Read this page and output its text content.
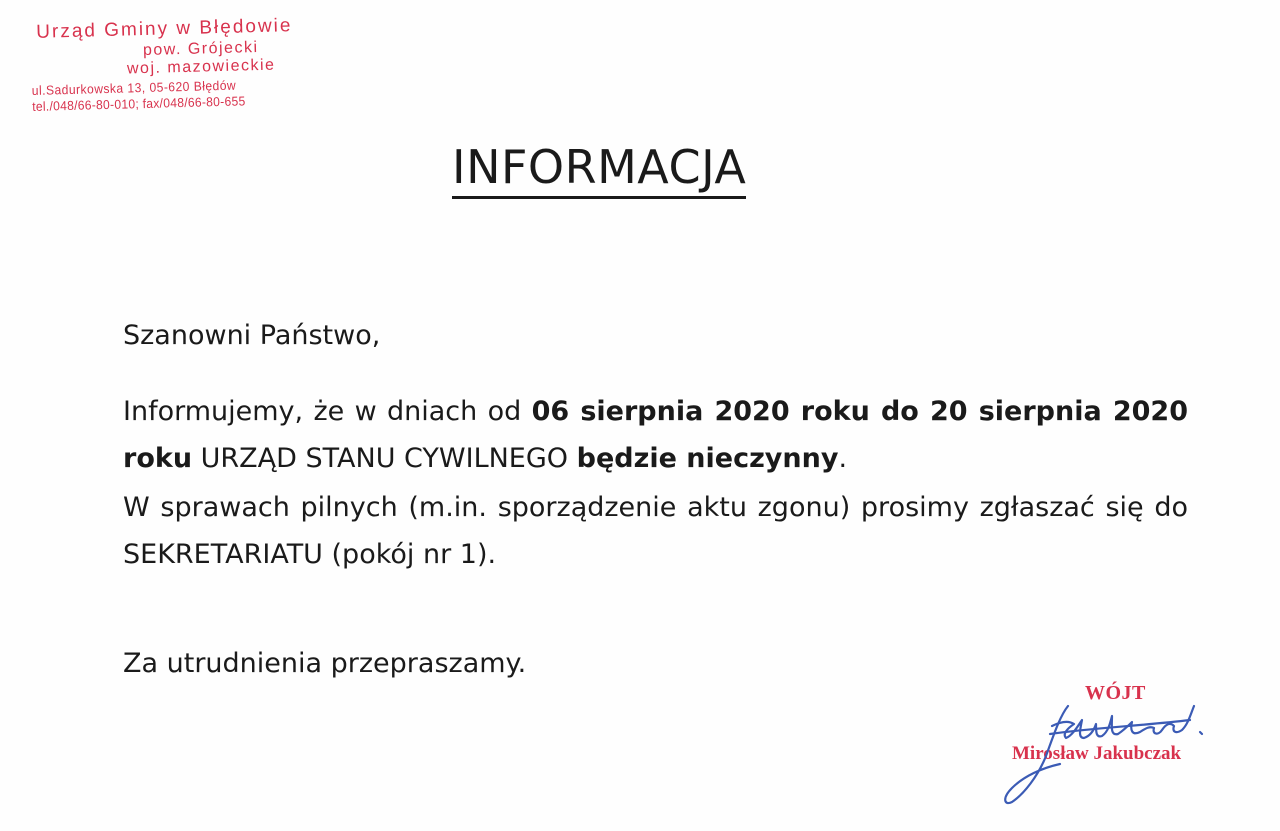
Urząd Gminy w Błędowie
pow. Grójecki
woj. mazowieckie
ul.Sadurkowska 13, 05-620 Błędów
tel./048/66-80-010; fax/048/66-80-655
INFORMACJA
Szanowni Państwo,

Informujemy, że w dniach od 06 sierpnia 2020 roku do 20 sierpnia 2020 roku URZĄD STANU CYWILNEGO będzie nieczynny.

W sprawach pilnych (m.in. sporządzenie aktu zgonu) prosimy zgłaszać się do SEKRETARIATU (pokój nr 1).

Za utrudnienia przepraszamy.
WÓJT
Mirosław Jakubczak
